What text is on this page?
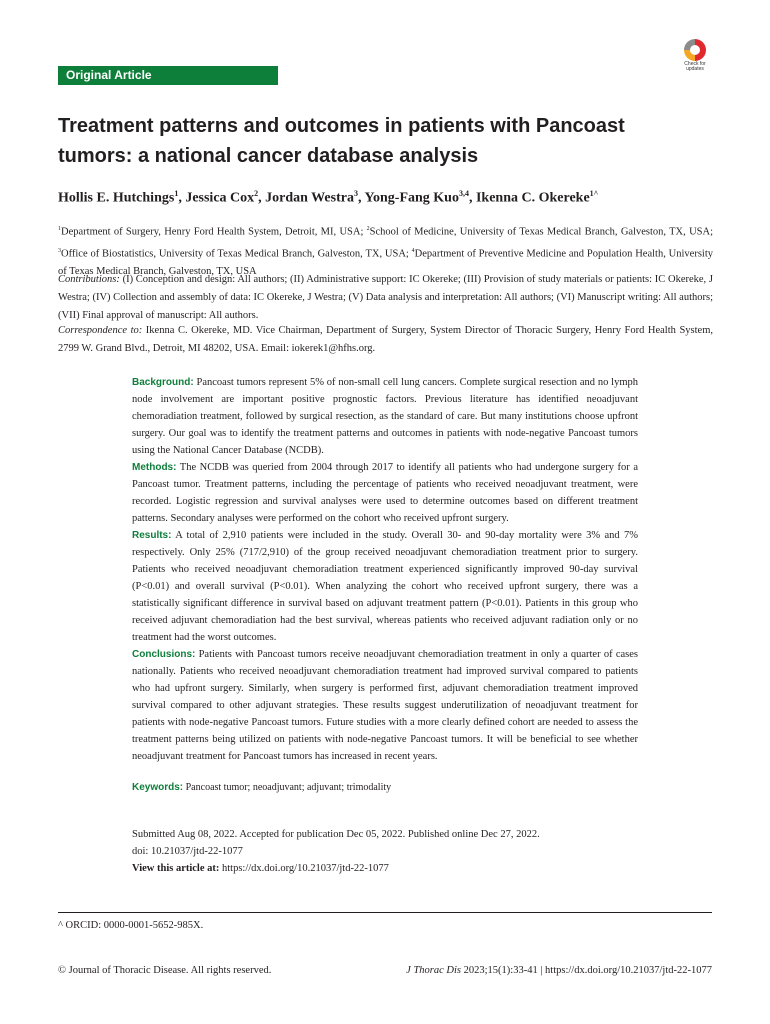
Check for updates
Original Article
Treatment patterns and outcomes in patients with Pancoast tumors: a national cancer database analysis

Hollis E. Hutchings$^1$, Jessica Cox$^2$, Jordan Westra$^3$, Yong-Fang Kuo$^{3,4}$, Ikenna C. Okereke$^{1\^{}}$

$^1$Department of Surgery, Henry Ford Health System, Detroit, MI, USA; $^2$School of Medicine, University of Texas Medical Branch, Galveston, TX, USA; $^3$Office of Biostatistics, University of Texas Medical Branch, Galveston, TX, USA; $^4$Department of Preventive Medicine and Population Health, University of Texas Medical Branch, Galveston, TX, USA

Contributions: (I) Conception and design: All authors; (II) Administrative support: IC Okereke; (III) Provision of study materials or patients: IC Okereke, J Westra; (IV) Collection and assembly of data: IC Okereke, J Westra; (V) Data analysis and interpretation: All authors; (VI) Manuscript writing: All authors; (VII) Final approval of manuscript: All authors.

Correspondence to: Ikenna C. Okereke, MD. Vice Chairman, Department of Surgery, System Director of Thoracic Surgery, Henry Ford Health System, 2799 W. Grand Blvd., Detroit, MI 48202, USA. Email: iokerek1@hfhs.org.

Background: Pancoast tumors represent 5% of non-small cell lung cancers. Complete surgical resection and no lymph node involvement are important positive prognostic factors. Previous literature has identified neoadjuvant chemoradiation treatment, followed by surgical resection, as the standard of care. But many institutions choose upfront surgery. Our goal was to identify the treatment patterns and outcomes in patients with node-negative Pancoast tumors using the National Cancer Database (NCDB).

Methods: The NCDB was queried from 2004 through 2017 to identify all patients who had undergone surgery for a Pancoast tumor. Treatment patterns, including the percentage of patients who received neoadjuvant treatment, were recorded. Logistic regression and survival analyses were used to determine outcomes based on different treatment patterns. Secondary analyses were performed on the cohort who received upfront surgery.

Results: A total of 2,910 patients were included in the study. Overall 30- and 90-day mortality were 3% and 7% respectively. Only 25% (717/2,910) of the group received neoadjuvant chemoradiation treatment prior to surgery. Patients who received neoadjuvant chemoradiation treatment experienced significantly improved 90-day survival (P<0.01) and overall survival (P<0.01). When analyzing the cohort who received upfront surgery, there was a statistically significant difference in survival based on adjuvant treatment pattern (P<0.01). Patients in this group who received adjuvant chemoradiation had the best survival, whereas patients who received adjuvant radiation only or no treatment had the worst outcomes.

Conclusions: Patients with Pancoast tumors receive neoadjuvant chemoradiation treatment in only a quarter of cases nationally. Patients who received neoadjuvant chemoradiation treatment had improved survival compared to patients who had upfront surgery. Similarly, when surgery is performed first, adjuvant chemoradiation treatment improved survival compared to other adjuvant strategies. These results suggest underutilization of neoadjuvant treatment for patients with node-negative Pancoast tumors. Future studies with a more clearly defined cohort are needed to assess the treatment patterns being utilized on patients with node-negative Pancoast tumors. It will be beneficial to see whether neoadjuvant treatment for Pancoast tumors has increased in recent years.

Keywords: Pancoast tumor; neoadjuvant; adjuvant; trimodality

Submitted Aug 08, 2022. Accepted for publication Dec 05, 2022. Published online Dec 27, 2022.

doi: 10.21037/jtd-22-1077

View this article at: https://dx.doi.org/10.21037/jtd-22-1077

^ ORCID: 0000-0001-5652-985X.

© Journal of Thoracic Disease. All rights reserved.	J Thorac Dis 2023;15(1):33-41 | https://dx.doi.org/10.21037/jtd-22-1077
